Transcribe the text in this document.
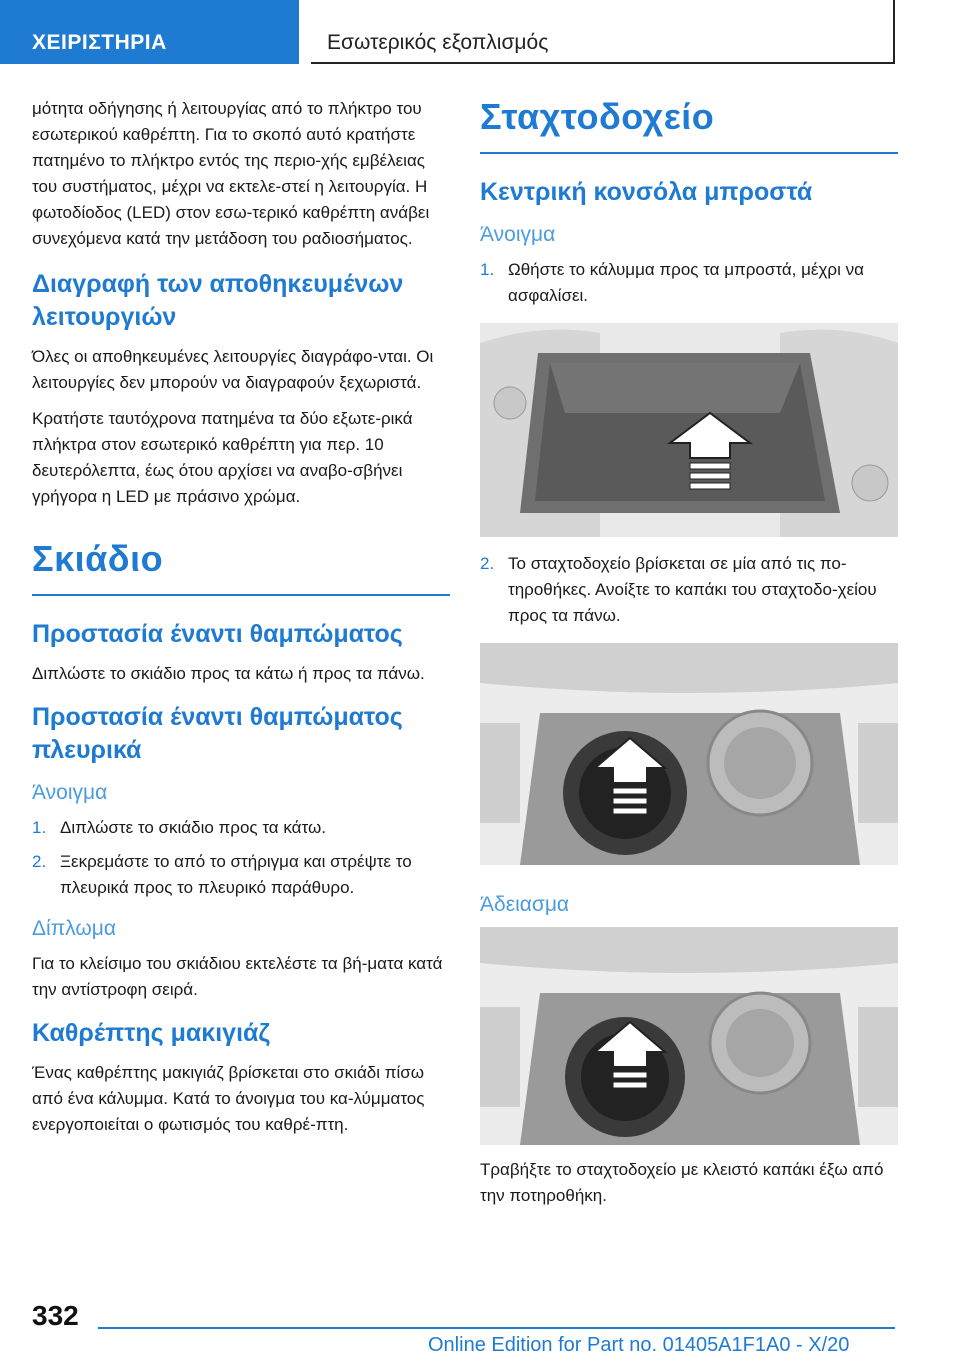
ΧΕΙΡΙΣΤΗΡΙΑ	Εσωτερικός εξοπλισμός

μότητα οδήγησης ή λειτουργίας από το πλήκτρο του εσωτερικού καθρέπτη. Για το σκοπό αυτό κρατήστε πατημένο το πλήκτρο εντός της περιο‐χής εμβέλειας του συστήματος, μέχρι να εκτελε‐στεί η λειτουργία. Η φωτοδίοδος (LED) στον εσω‐τερικό καθρέπτη ανάβει συνεχόμενα κατά την μετάδοση του ραδιοσήματος.

Διαγραφή των αποθηκευμένων λειτουργιών

Όλες οι αποθηκευμένες λειτουργίες διαγράφο‐νται. Οι λειτουργίες δεν μπορούν να διαγραφούν ξεχωριστά.

Κρατήστε ταυτόχρονα πατημένα τα δύο εξωτε‐ρικά πλήκτρα στον εσωτερικό καθρέπτη για περ. 10 δευτερόλεπτα, έως ότου αρχίσει να αναβο‐σβήνει γρήγορα η LED με πράσινο χρώμα.

Σκιάδιο
Προστασία έναντι θαμπώματος

Διπλώστε το σκιάδιο προς τα κάτω ή προς τα πάνω.

Προστασία έναντι θαμπώματος πλευρικά
Άνοιγμα
1. Διπλώστε το σκιάδιο προς τα κάτω.
2. Ξεκρεμάστε το από το στήριγμα και στρέψτε το πλευρικά προς το πλευρικό παράθυρο.
Δίπλωμα

Για το κλείσιμο του σκιάδιου εκτελέστε τα βή‐ματα κατά την αντίστροφη σειρά.

Καθρέπτης μακιγιάζ

Ένας καθρέπτης μακιγιάζ βρίσκεται στο σκιάδι πίσω από ένα κάλυμμα. Κατά το άνοιγμα του κα‐λύμματος ενεργοποιείται ο φωτισμός του καθρέ‐πτη.

Σταχτοδοχείο
Κεντρική κονσόλα μπροστά
Άνοιγμα
1. Ωθήστε το κάλυμμα προς τα μπροστά, μέχρι να ασφαλίσει.
2. Το σταχτοδοχείο βρίσκεται σε μία από τις πο‐τηροθήκες. Ανοίξτε το καπάκι του σταχτοδο‐χείου προς τα πάνω.
Άδειασμα

Τραβήξτε το σταχτοδοχείο με κλειστό καπάκι έξω από την ποτηροθήκη.

332
Online Edition for Part no. 01405A1F1A0 - X/20
